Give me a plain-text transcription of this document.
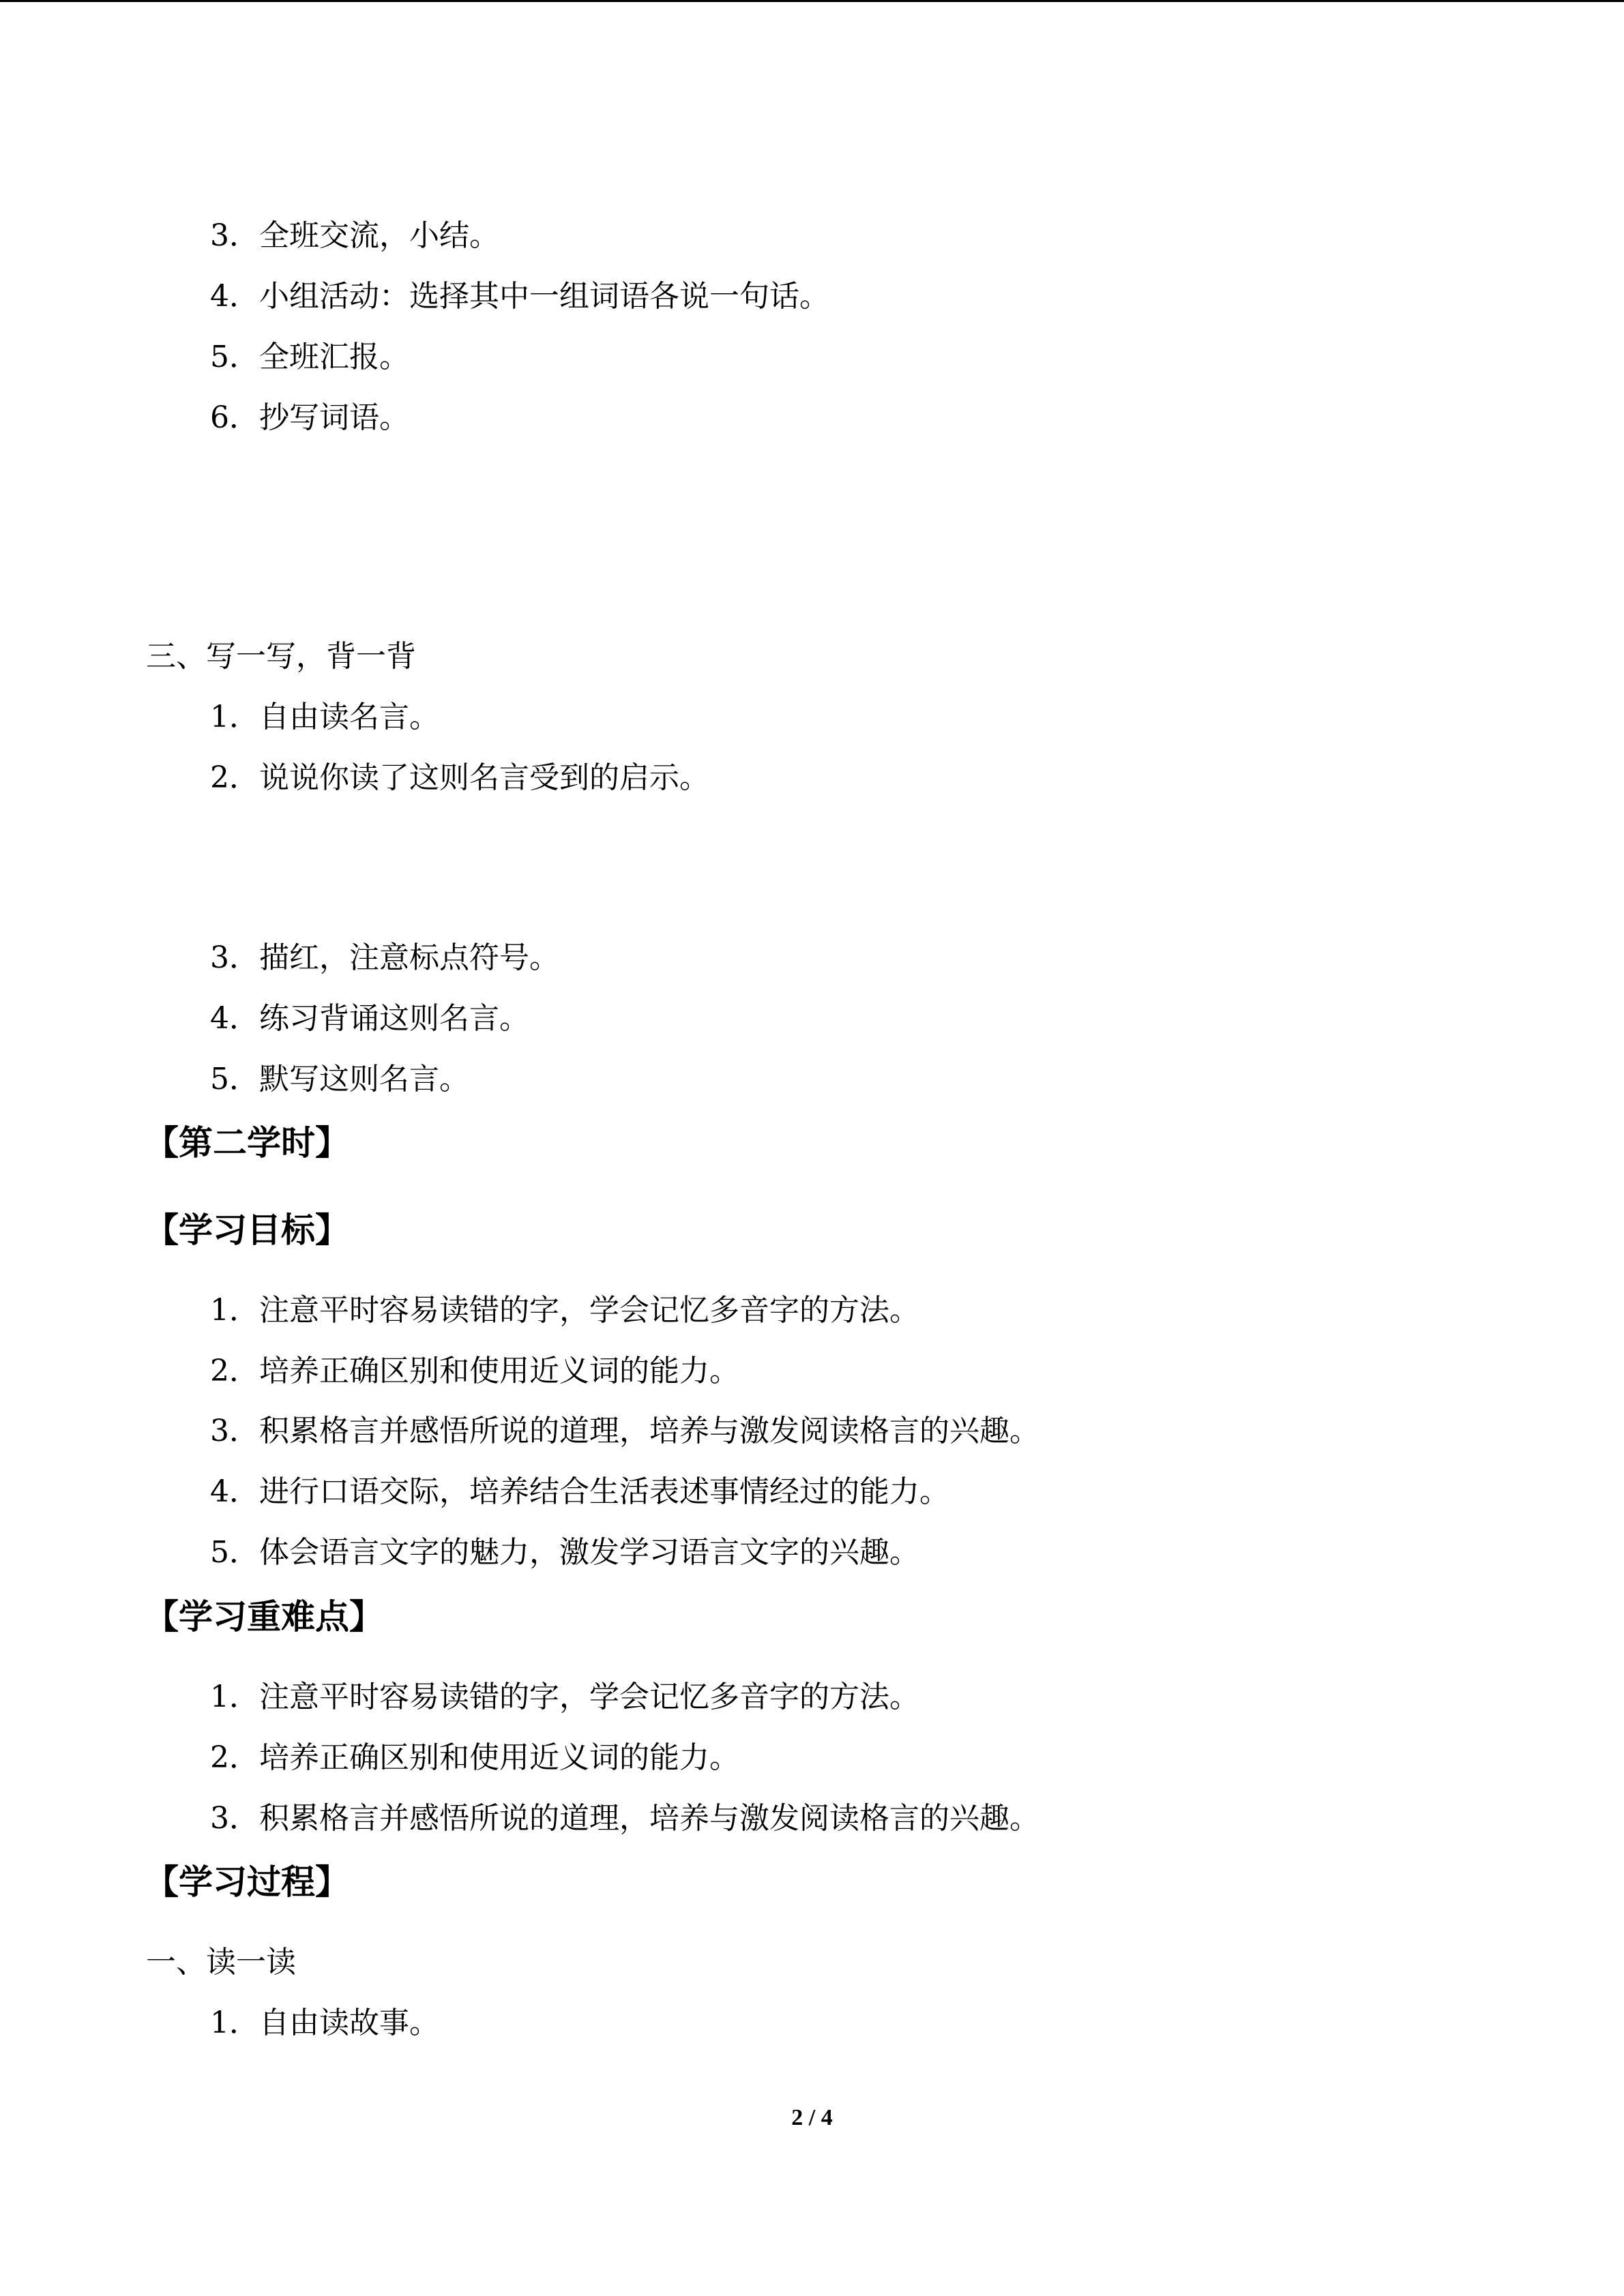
3．全班交流，小结。
4．小组活动：选择其中一组词语各说一句话。
5．全班汇报。
6．抄写词语。
三、写一写，背一背
1．自由读名言。
2．说说你读了这则名言受到的启示。
3．描红，注意标点符号。
4．练习背诵这则名言。
5．默写这则名言。
【第二学时】
【学习目标】
1．注意平时容易读错的字，学会记忆多音字的方法。
2．培养正确区别和使用近义词的能力。
3．积累格言并感悟所说的道理，培养与激发阅读格言的兴趣。
4．进行口语交际，培养结合生活表述事情经过的能力。
5．体会语言文字的魅力，激发学习语言文字的兴趣。
【学习重难点】
1．注意平时容易读错的字，学会记忆多音字的方法。
2．培养正确区别和使用近义词的能力。
3．积累格言并感悟所说的道理，培养与激发阅读格言的兴趣。
【学习过程】
一、读一读
1．自由读故事。
2 / 4
